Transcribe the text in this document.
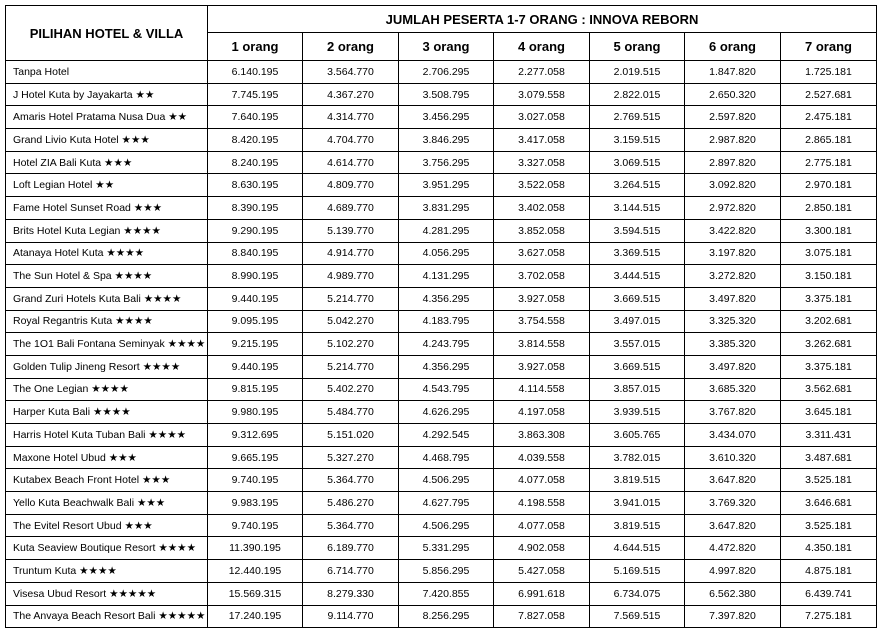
PILIHAN HOTEL & VILLA	JUMLAH PESERTA 1-7 ORANG : INNOVA REBORN						
	1 orang	2 orang	3 orang	4 orang	5 orang	6 orang	7 orang
Tanpa Hotel	6.140.195	3.564.770	2.706.295	2.277.058	2.019.515	1.847.820	1.725.181
J Hotel Kuta by Jayakarta ★★	7.745.195	4.367.270	3.508.795	3.079.558	2.822.015	2.650.320	2.527.681
Amaris Hotel Pratama Nusa Dua ★★	7.640.195	4.314.770	3.456.295	3.027.058	2.769.515	2.597.820	2.475.181
Grand Livio Kuta Hotel ★★★	8.420.195	4.704.770	3.846.295	3.417.058	3.159.515	2.987.820	2.865.181
Hotel ZIA Bali Kuta ★★★	8.240.195	4.614.770	3.756.295	3.327.058	3.069.515	2.897.820	2.775.181
Loft Legian Hotel ★★	8.630.195	4.809.770	3.951.295	3.522.058	3.264.515	3.092.820	2.970.181
Fame Hotel Sunset Road ★★★	8.390.195	4.689.770	3.831.295	3.402.058	3.144.515	2.972.820	2.850.181
Brits Hotel Kuta Legian ★★★★	9.290.195	5.139.770	4.281.295	3.852.058	3.594.515	3.422.820	3.300.181
Atanaya Hotel Kuta ★★★★	8.840.195	4.914.770	4.056.295	3.627.058	3.369.515	3.197.820	3.075.181
The Sun Hotel & Spa ★★★★	8.990.195	4.989.770	4.131.295	3.702.058	3.444.515	3.272.820	3.150.181
Grand Zuri Hotels Kuta Bali ★★★★	9.440.195	5.214.770	4.356.295	3.927.058	3.669.515	3.497.820	3.375.181
Royal Regantris Kuta ★★★★	9.095.195	5.042.270	4.183.795	3.754.558	3.497.015	3.325.320	3.202.681
The 1O1 Bali Fontana Seminyak ★★★★	9.215.195	5.102.270	4.243.795	3.814.558	3.557.015	3.385.320	3.262.681
Golden Tulip Jineng Resort ★★★★	9.440.195	5.214.770	4.356.295	3.927.058	3.669.515	3.497.820	3.375.181
The One Legian ★★★★	9.815.195	5.402.270	4.543.795	4.114.558	3.857.015	3.685.320	3.562.681
Harper Kuta Bali ★★★★	9.980.195	5.484.770	4.626.295	4.197.058	3.939.515	3.767.820	3.645.181
Harris Hotel Kuta Tuban Bali ★★★★	9.312.695	5.151.020	4.292.545	3.863.308	3.605.765	3.434.070	3.311.431
Maxone Hotel Ubud ★★★	9.665.195	5.327.270	4.468.795	4.039.558	3.782.015	3.610.320	3.487.681
Kutabex Beach Front Hotel ★★★	9.740.195	5.364.770	4.506.295	4.077.058	3.819.515	3.647.820	3.525.181
Yello Kuta Beachwalk Bali ★★★	9.983.195	5.486.270	4.627.795	4.198.558	3.941.015	3.769.320	3.646.681
The Evitel Resort Ubud ★★★	9.740.195	5.364.770	4.506.295	4.077.058	3.819.515	3.647.820	3.525.181
Kuta Seaview Boutique Resort ★★★★	11.390.195	6.189.770	5.331.295	4.902.058	4.644.515	4.472.820	4.350.181
Truntum Kuta ★★★★	12.440.195	6.714.770	5.856.295	5.427.058	5.169.515	4.997.820	4.875.181
Visesa Ubud Resort ★★★★★	15.569.315	8.279.330	7.420.855	6.991.618	6.734.075	6.562.380	6.439.741
The Anvaya Beach Resort Bali ★★★★★	17.240.195	9.114.770	8.256.295	7.827.058	7.569.515	7.397.820	7.275.181
